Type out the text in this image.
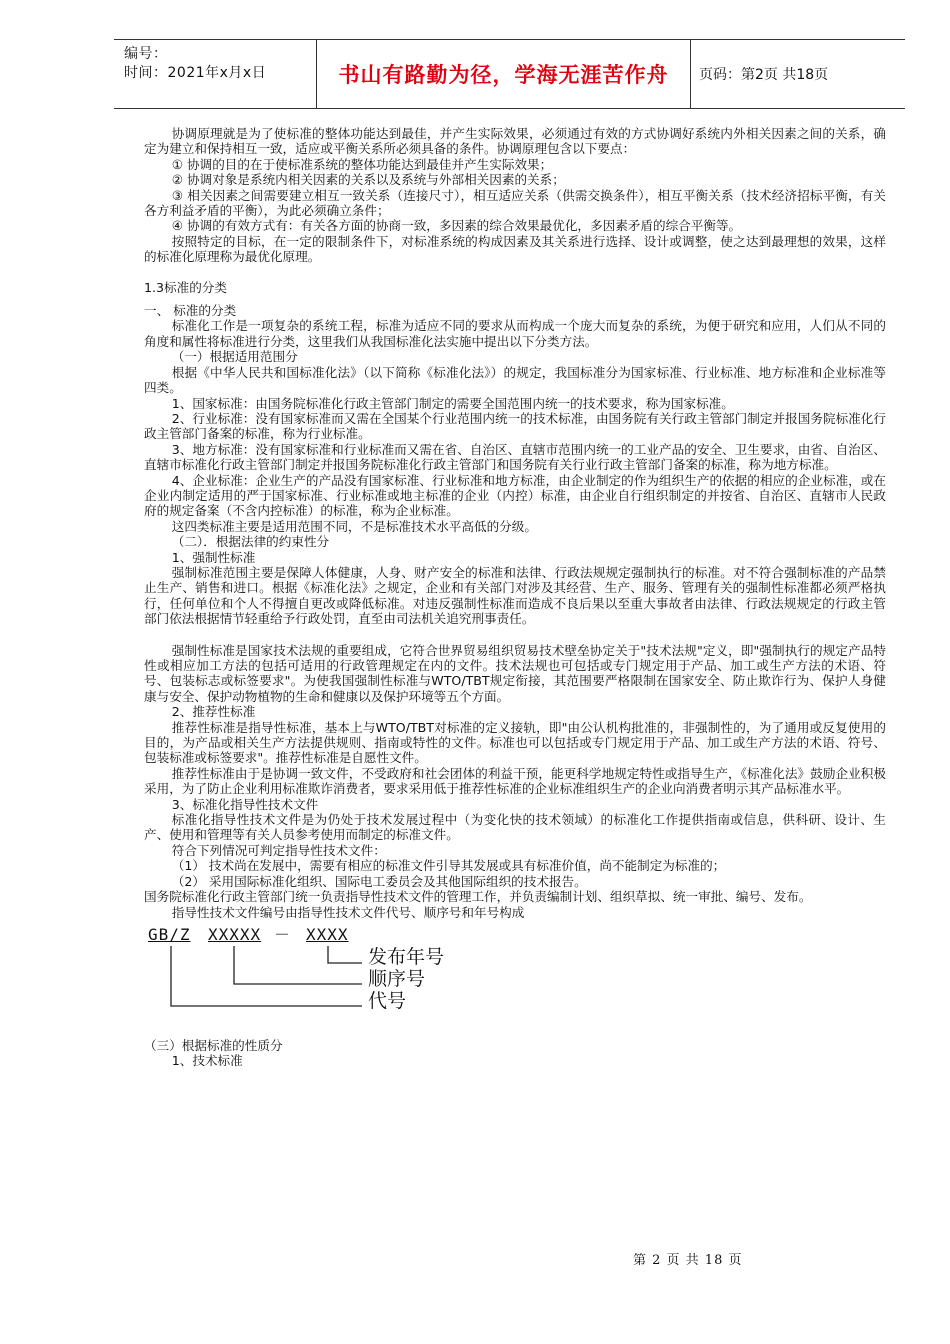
编号：
时间：2021年x月x日	书山有路勤为径，学海无涯苦作舟 页码：第2页 共18页

协调原理就是为了使标准的整体功能达到最佳，并产生实际效果，必须通过有效的方式协调好系统内外相关因素之间的关系，确定为建立和保持相互一致，适应或平衡关系所必须具备的条件。协调原理包含以下要点：

① 协调的目的在于使标准系统的整体功能达到最佳并产生实际效果；

② 协调对象是系统内相关因素的关系以及系统与外部相关因素的关系；

③ 相关因素之间需要建立相互一致关系（连接尺寸），相互适应关系（供需交换条件），相互平衡关系（技术经济招标平衡，有关各方利益矛盾的平衡），为此必须确立条件；

④ 协调的有效方式有：有关各方面的协商一致，多因素的综合效果最优化，多因素矛盾的综合平衡等。

按照特定的目标，在一定的限制条件下，对标准系统的构成因素及其关系进行选择、设计或调整，使之达到最理想的效果，这样的标准化原理称为最优化原理。

1.3标准的分类

一、 标准的分类

标准化工作是一项复杂的系统工程，标准为适应不同的要求从而构成一个庞大而复杂的系统，为便于研究和应用，人们从不同的角度和属性将标准进行分类，这里我们从我国标准化法实施中提出以下分类方法。

（一）根据适用范围分

根据《中华人民共和国标准化法》（以下简称《标准化法》）的规定，我国标准分为国家标准、行业标准、地方标准和企业标准等四类。

1、国家标准：由国务院标准化行政主管部门制定的需要全国范围内统一的技术要求，称为国家标准。

2、行业标准：没有国家标准而又需在全国某个行业范围内统一的技术标准，由国务院有关行政主管部门制定并报国务院标准化行政主管部门备案的标准，称为行业标准。

3、地方标准：没有国家标准和行业标准而又需在省、自治区、直辖市范围内统一的工业产品的安全、卫生要求，由省、自治区、直辖市标准化行政主管部门制定并报国务院标准化行政主管部门和国务院有关行业行政主管部门备案的标准，称为地方标准。

4、企业标准：企业生产的产品没有国家标准、行业标准和地方标准，由企业制定的作为组织生产的依据的相应的企业标准，或在企业内制定适用的严于国家标准、行业标准或地主标准的企业（内控）标准，由企业自行组织制定的并按省、自治区、直辖市人民政府的规定备案（不含内控标准）的标准，称为企业标准。

这四类标准主要是适用范围不同，不是标准技术水平高低的分级。

（二）．根据法律的约束性分

1、强制性标准

强制标准范围主要是保障人体健康，人身、财产安全的标准和法律、行政法规规定强制执行的标准。对不符合强制标准的产品禁止生产、销售和进口。根据《标准化法》之规定，企业和有关部门对涉及其经营、生产、服务、管理有关的强制性标准都必须严格执行，任何单位和个人不得擅自更改或降低标准。对违反强制性标准而造成不良后果以至重大事故者由法律、行政法规规定的行政主管部门依法根据情节轻重给予行政处罚，直至由司法机关追究刑事责任。

强制性标准是国家技术法规的重要组成，它符合世界贸易组织贸易技术壁垒协定关于"技术法规"定义，即"强制执行的规定产品特性或相应加工方法的包括可适用的行政管理规定在内的文件。技术法规也可包括或专门规定用于产品、加工或生产方法的术语、符号、包装标志或标签要求"。为使我国强制性标准与WTO/TBT规定衔接，其范围要严格限制在国家安全、防止欺诈行为、保护人身健康与安全、保护动物植物的生命和健康以及保护环境等五个方面。

2、推荐性标准

推荐性标准是指导性标准，基本上与WTO/TBT对标准的定义接轨，即"由公认机构批准的，非强制性的，为了通用或反复使用的目的，为产品或相关生产方法提供规则、指南或特性的文件。标准也可以包括或专门规定用于产品、加工或生产方法的术语、符号、包装标准或标签要求"。推荐性标准是自愿性文件。

推荐性标准由于是协调一致文件，不受政府和社会团体的利益干预，能更科学地规定特性或指导生产，《标准化法》鼓励企业积极采用，为了防止企业利用标准欺诈消费者，要求采用低于推荐性标准的企业标准组织生产的企业向消费者明示其产品标准水平。

3、标准化指导性技术文件

标准化指导性技术文件是为仍处于技术发展过程中（为变化快的技术领域）的标准化工作提供指南或信息，供科研、设计、生产、使用和管理等有关人员参考使用而制定的标准文件。

符合下列情况可判定指导性技术文件：

（1） 技术尚在发展中，需要有相应的标准文件引导其发展或具有标准价值，尚不能制定为标准的；

（2） 采用国际标准化组织、国际电工委员会及其他国际组织的技术报告。

国务院标准化行政主管部门统一负责指导性技术文件的管理工作，并负责编制计划、组织草拟、统一审批、编号、发布。

指导性技术文件编号由指导性技术文件代号、顺序号和年号构成

GB/Z XXXXX － XXXX
发布年号
顺序号
代号

（三）根据标准的性质分

1、技术标准

第 2 页 共 18 页
